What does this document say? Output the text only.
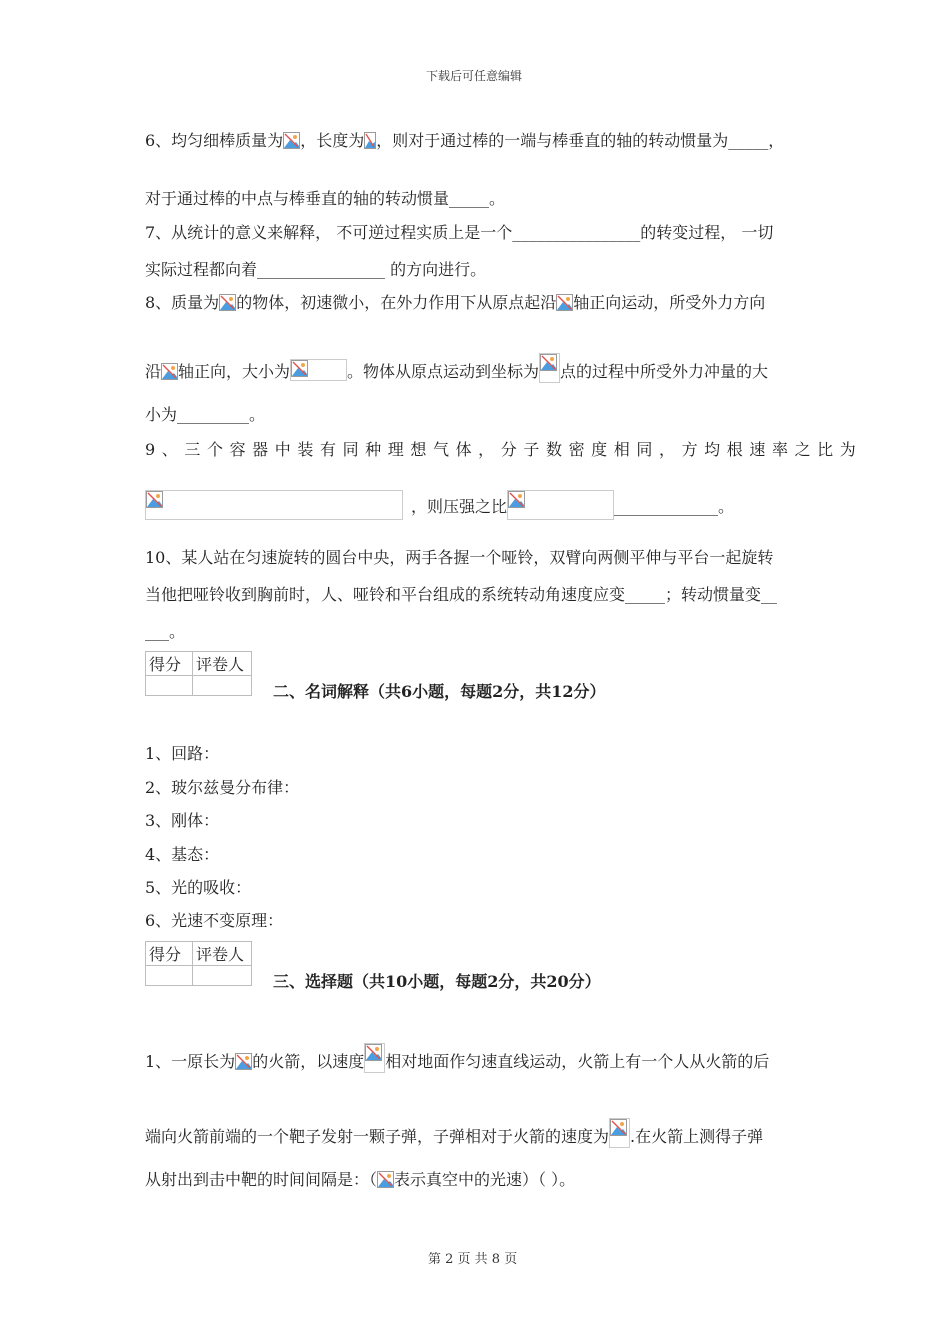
下载后可任意编辑
6、均匀细棒质量为 ，长度为 ，则对于通过棒的一端与棒垂直的轴的转动惯量为_____，
对于通过棒的中点与棒垂直的轴的转动惯量_____。
7、从统计的意义来解释， 不可逆过程实质上是一个________________的转变过程， 一切
实际过程都向着________________ 的方向进行。
8、质量为 的物体，初速微小，在外力作用下从原点起沿 轴正向运动，所受外力方向
沿 轴正向，大小为	。物体从原点运动到坐标为 点的过程中所受外力冲量的大
小为_________。
9、三个容器中装有同种理想气体，分子数密度相同，方均根速率之比为
，则压强之比	_____________。
10、某人站在匀速旋转的圆台中央，两手各握一个哑铃，双臂向两侧平伸与平台一起旋转
当他把哑铃收到胸前时，人、哑铃和平台组成的系统转动角速度应变_____；转动惯量变__
___。
得分	评卷人

二、名词解释（共6小题，每题2分，共12分）
1、回路：
2、玻尔兹曼分布律：
3、刚体：
4、基态：
5、光的吸收：
6、光速不变原理：
得分	评卷人

三、选择题（共10小题，每题2分，共20分）
1、一原长为 的火箭，以速度 相对地面作匀速直线运动，火箭上有一个人从火箭的后
端向火箭前端的一个靶子发射一颗子弹，子弹相对于火箭的速度为 .在火箭上测得子弹
从射出到击中靶的时间间隔是：（ 表示真空中的光速）（ ）。
第 2 页 共 8 页
